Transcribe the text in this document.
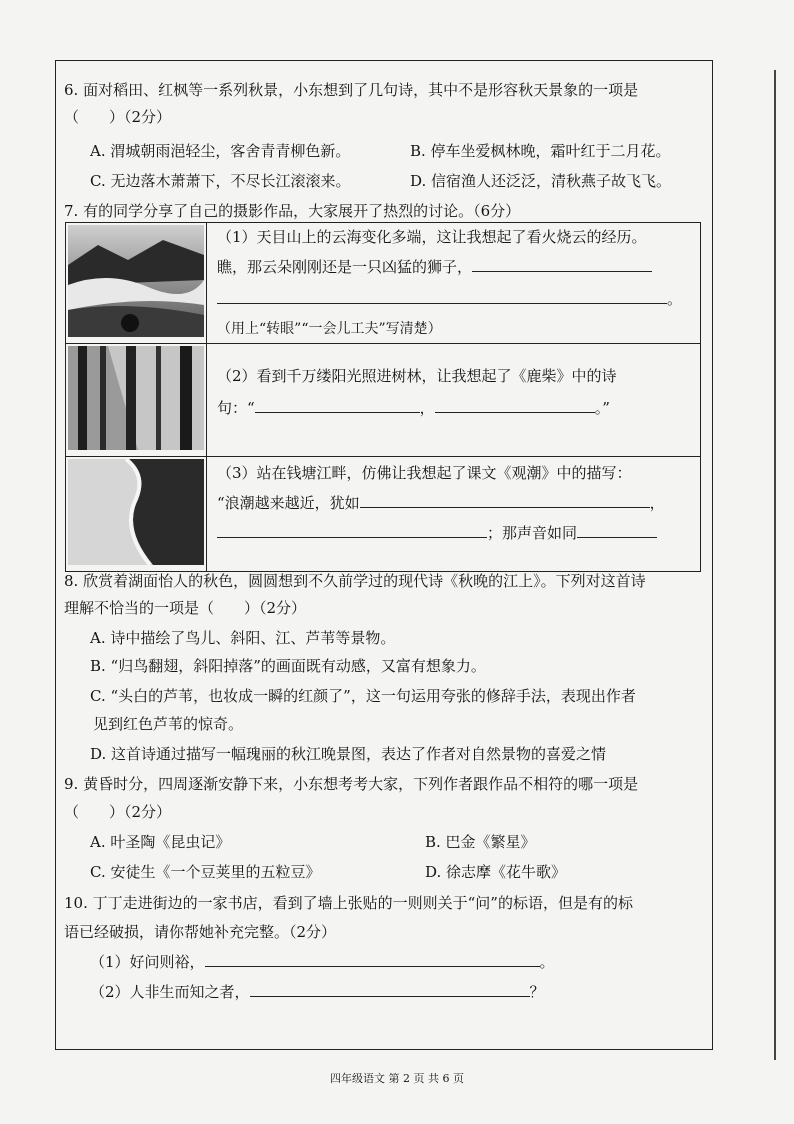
6. 面对稻田、红枫等一系列秋景，小东想到了几句诗，其中不是形容秋天景象的一项是
（　　）（2分）
A. 渭城朝雨浥轻尘，客舍青青柳色新。	B. 停车坐爱枫林晚，霜叶红于二月花。
C. 无边落木萧萧下，不尽长江滚滚来。	D. 信宿渔人还泛泛，清秋燕子故飞飞。
7. 有的同学分享了自己的摄影作品，大家展开了热烈的讨论。（6分）

（1）天目山上的云海变化多端，这让我想起了看火烧云的经历。
瞧，那云朵刚刚还是一只凶猛的狮子，
。
（用上“转眼”“一会儿工夫”写清楚）

（2）看到千万缕阳光照进树林，让我想起了《鹿柴》中的诗
句：“ ， 。”

（3）站在钱塘江畔，仿佛让我想起了课文《观潮》中的描写：
“浪潮越来越近，犹如 ，
；那声音如同
8. 欣赏着湖面怡人的秋色，圆圆想到不久前学过的现代诗《秋晚的江上》。下列对这首诗
理解不恰当的一项是（　　）（2分）
A. 诗中描绘了鸟儿、斜阳、江、芦苇等景物。
B. “归鸟翻翅，斜阳掉落”的画面既有动感，又富有想象力。
C. “头白的芦苇，也妆成一瞬的红颜了”，这一句运用夸张的修辞手法，表现出作者
见到红色芦苇的惊奇。
D. 这首诗通过描写一幅瑰丽的秋江晚景图，表达了作者对自然景物的喜爱之情
9. 黄昏时分，四周逐渐安静下来，小东想考考大家，下列作者跟作品不相符的哪一项是
（　　）（2分）
A. 叶圣陶《昆虫记》	B. 巴金《繁星》
C. 安徒生《一个豆荚里的五粒豆》	D. 徐志摩《花牛歌》
10. 丁丁走进街边的一家书店，看到了墙上张贴的一则则关于“问”的标语，但是有的标
语已经破损，请你帮她补充完整。（2分）
（1）好问则裕，	。
（2）人非生而知之者，	？
四年级语文 第 2 页 共 6 页
